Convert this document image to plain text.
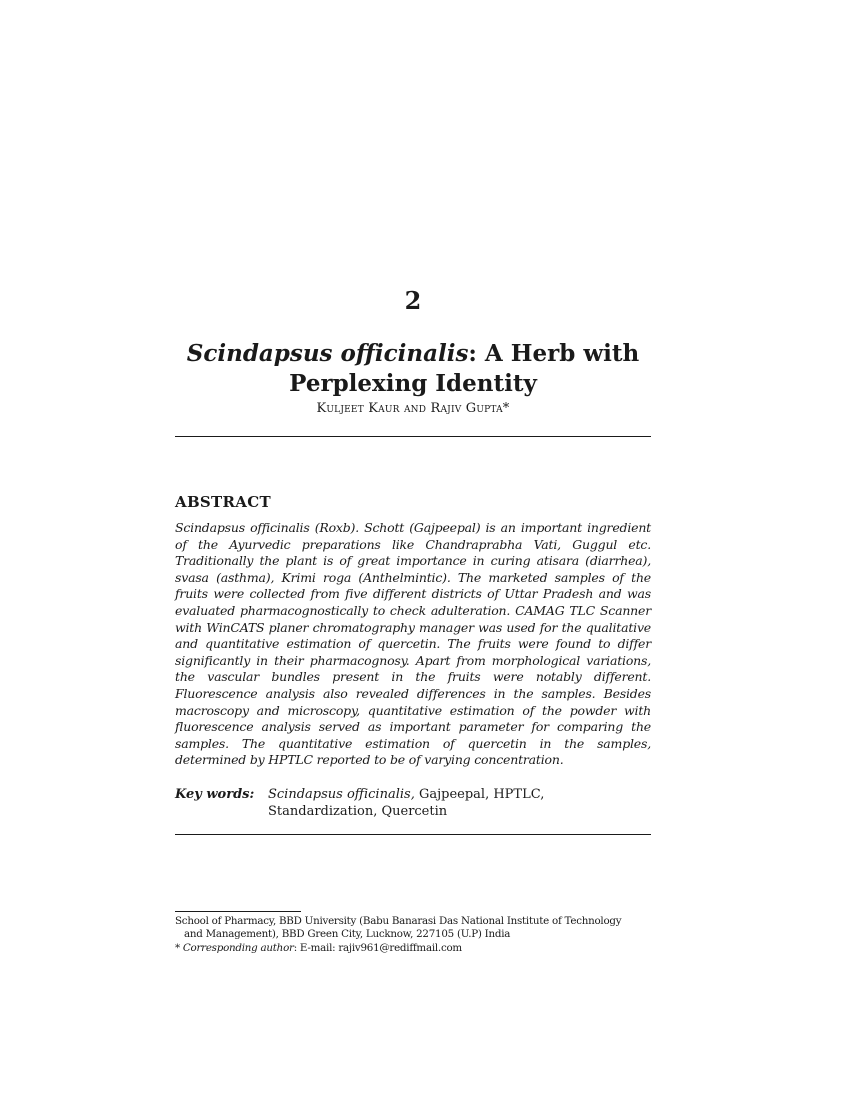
2
Scindapsus officinalis: A Herb with
Perplexing Identity
Kuljeet Kaur and Rajiv Gupta*
ABSTRACT
Scindapsus officinalis (Roxb). Schott (Gajpeepal) is an important ingredient of the Ayurvedic preparations like Chandraprabha Vati, Guggul etc. Traditionally the plant is of great importance in curing atisara (diarrhea), svasa (asthma), Krimi roga (Anthelmintic). The marketed samples of the fruits were collected from five different districts of Uttar Pradesh and was evaluated pharmacognostically to check adulteration. CAMAG TLC Scanner with WinCATS planer chromatography manager was used for the qualitative and quantitative estimation of quercetin. The fruits were found to differ significantly in their pharmacognosy. Apart from morphological variations, the vascular bundles present in the fruits were notably different. Fluorescence analysis also revealed differences in the samples. Besides macroscopy and microscopy, quantitative estimation of the powder with fluorescence analysis served as important parameter for comparing the samples. The quantitative estimation of quercetin in the samples, determined by HPTLC reported to be of varying concentration.
Key words:	Scindapsus officinalis, Gajpeepal, HPTLC, Standardization, Quercetin
School of Pharmacy, BBD University (Babu Banarasi Das National Institute of Technology
and Management), BBD Green City, Lucknow, 227105 (U.P) India
* Corresponding author: E-mail: rajiv961@rediffmail.com
